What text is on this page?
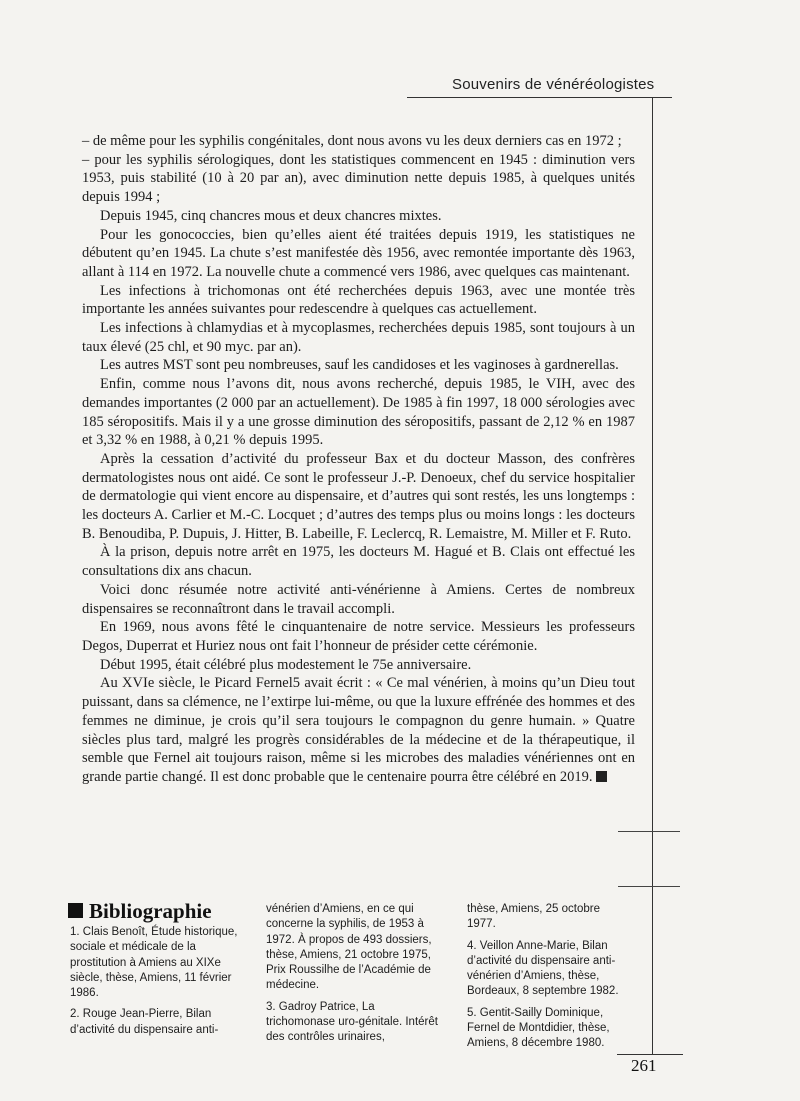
Souvenirs de vénéréologistes

– de même pour les syphilis congénitales, dont nous avons vu les deux derniers cas en 1972 ;

– pour les syphilis sérologiques, dont les statistiques commencent en 1945 : diminution vers 1953, puis stabilité (10 à 20 par an), avec diminution nette depuis 1985, à quelques unités depuis 1994 ;

Depuis 1945, cinq chancres mous et deux chancres mixtes.

Pour les gonococcies, bien qu’elles aient été traitées depuis 1919, les statistiques ne débutent qu’en 1945. La chute s’est manifestée dès 1956, avec remontée importante dès 1963, allant à 114 en 1972. La nouvelle chute a commencé vers 1986, avec quelques cas maintenant.

Les infections à trichomonas ont été recherchées depuis 1963, avec une montée très importante les années suivantes pour redescendre à quelques cas actuellement.

Les infections à chlamydias et à mycoplasmes, recherchées depuis 1985, sont toujours à un taux élevé (25 chl, et 90 myc. par an).

Les autres MST sont peu nombreuses, sauf les candidoses et les vaginoses à gardnerellas.

Enfin, comme nous l’avons dit, nous avons recherché, depuis 1985, le VIH, avec des demandes importantes (2 000 par an actuellement). De 1985 à fin 1997, 18 000 sérologies avec 185 séropositifs. Mais il y a une grosse diminution des séropositifs, passant de 2,12 % en 1987 et 3,32 % en 1988, à 0,21 % depuis 1995.

Après la cessation d’activité du professeur Bax et du docteur Masson, des confrères dermatologistes nous ont aidé. Ce sont le professeur J.-P. Denoeux, chef du service hospitalier de dermatologie qui vient encore au dispensaire, et d’autres qui sont restés, les uns longtemps : les docteurs A. Carlier et M.-C. Locquet ; d’autres des temps plus ou moins longs : les docteurs B. Benoudiba, P. Dupuis, J. Hitter, B. Labeille, F. Leclercq, R. Lemaistre, M. Miller et F. Ruto.

À la prison, depuis notre arrêt en 1975, les docteurs M. Hagué et B. Clais ont effectué les consultations dix ans chacun.

Voici donc résumée notre activité anti-vénérienne à Amiens. Certes de nombreux dispensaires se reconnaîtront dans le travail accompli.

En 1969, nous avons fêté le cinquantenaire de notre service. Messieurs les professeurs Degos, Duperrat et Huriez nous ont fait l’honneur de présider cette cérémonie.

Début 1995, était célébré plus modestement le 75e anniversaire.

Au XVIe siècle, le Picard Fernel5 avait écrit : « Ce mal vénérien, à moins qu’un Dieu tout puissant, dans sa clémence, ne l’extirpe lui-même, ou que la luxure effrénée des hommes et des femmes ne diminue, je crois qu’il sera toujours le compagnon du genre humain. » Quatre siècles plus tard, malgré les progrès considérables de la médecine et de la thérapeutique, il semble que Fernel ait toujours raison, même si les microbes des maladies vénériennes ont en grande partie changé. Il est donc probable que le centenaire pourra être célébré en 2019.

Bibliographie
1. Clais Benoît, Étude historique, sociale et médicale de la prostitution à Amiens au XIXe siècle, thèse, Amiens, 11 février 1986.
2. Rouge Jean-Pierre, Bilan d’activité du dispensaire anti-
vénérien d’Amiens, en ce qui concerne la syphilis, de 1953 à 1972. À propos de 493 dossiers, thèse, Amiens, 21 octobre 1975, Prix Roussilhe de l’Académie de médecine.
3. Gadroy Patrice, La trichomonase uro-génitale. Intérêt des contrôles urinaires,
thèse, Amiens, 25 octobre 1977.
4. Veillon Anne-Marie, Bilan d’activité du dispensaire anti-vénérien d’Amiens, thèse, Bordeaux, 8 septembre 1982.
5. Gentit-Sailly Dominique, Fernel de Montdidier, thèse, Amiens, 8 décembre 1980.
261
